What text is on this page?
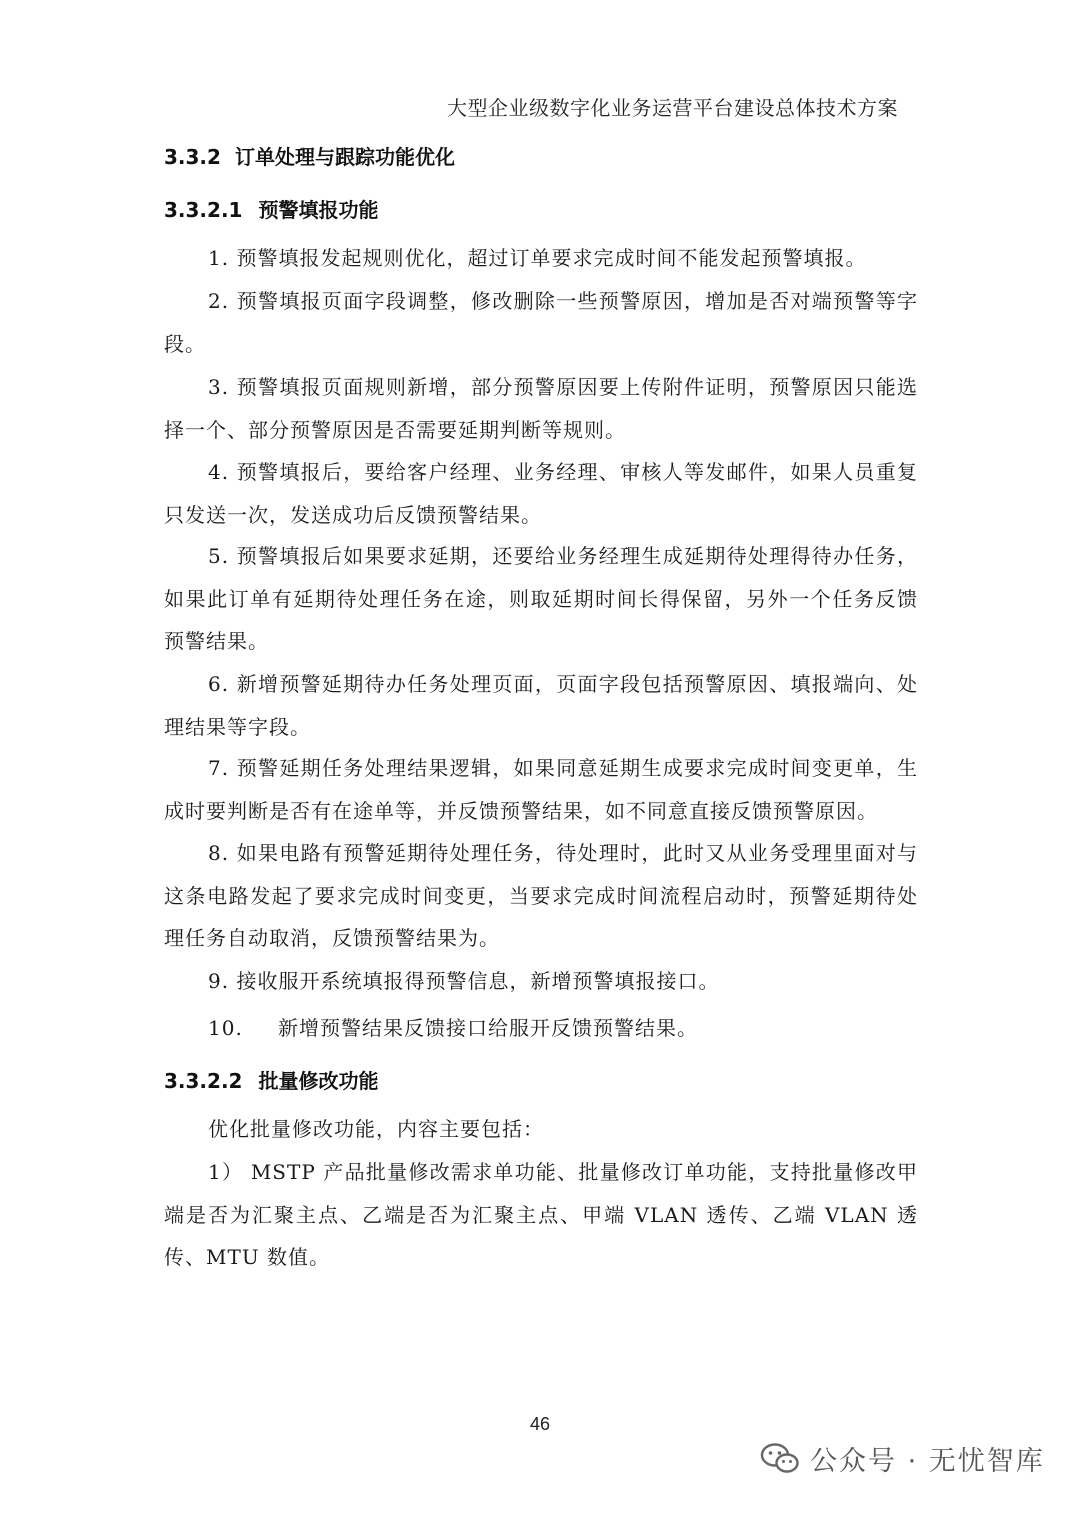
大型企业级数字化业务运营平台建设总体技术方案
3.3.2 订单处理与跟踪功能优化
3.3.2.1 预警填报功能
1. 预警填报发起规则优化，超过订单要求完成时间不能发起预警填报。
2. 预警填报页面字段调整，修改删除一些预警原因，增加是否对端预警等字段。
3. 预警填报页面规则新增，部分预警原因要上传附件证明，预警原因只能选择一个、部分预警原因是否需要延期判断等规则。
4. 预警填报后，要给客户经理、业务经理、审核人等发邮件，如果人员重复只发送一次，发送成功后反馈预警结果。
5. 预警填报后如果要求延期，还要给业务经理生成延期待处理得待办任务，如果此订单有延期待处理任务在途，则取延期时间长得保留，另外一个任务反馈预警结果。
6. 新增预警延期待办任务处理页面，页面字段包括预警原因、填报端向、处理结果等字段。
7. 预警延期任务处理结果逻辑，如果同意延期生成要求完成时间变更单，生成时要判断是否有在途单等，并反馈预警结果，如不同意直接反馈预警原因。
8. 如果电路有预警延期待处理任务，待处理时，此时又从业务受理里面对与这条电路发起了要求完成时间变更，当要求完成时间流程启动时，预警延期待处理任务自动取消，反馈预警结果为。
9. 接收服开系统填报得预警信息，新增预警填报接口。
10. 新增预警结果反馈接口给服开反馈预警结果。
3.3.2.2 批量修改功能
优化批量修改功能，内容主要包括：
1） MSTP 产品批量修改需求单功能、批量修改订单功能，支持批量修改甲端是否为汇聚主点、乙端是否为汇聚主点、甲端 VLAN 透传、乙端 VLAN 透传、MTU 数值。
46
公众号 · 无忧智库
